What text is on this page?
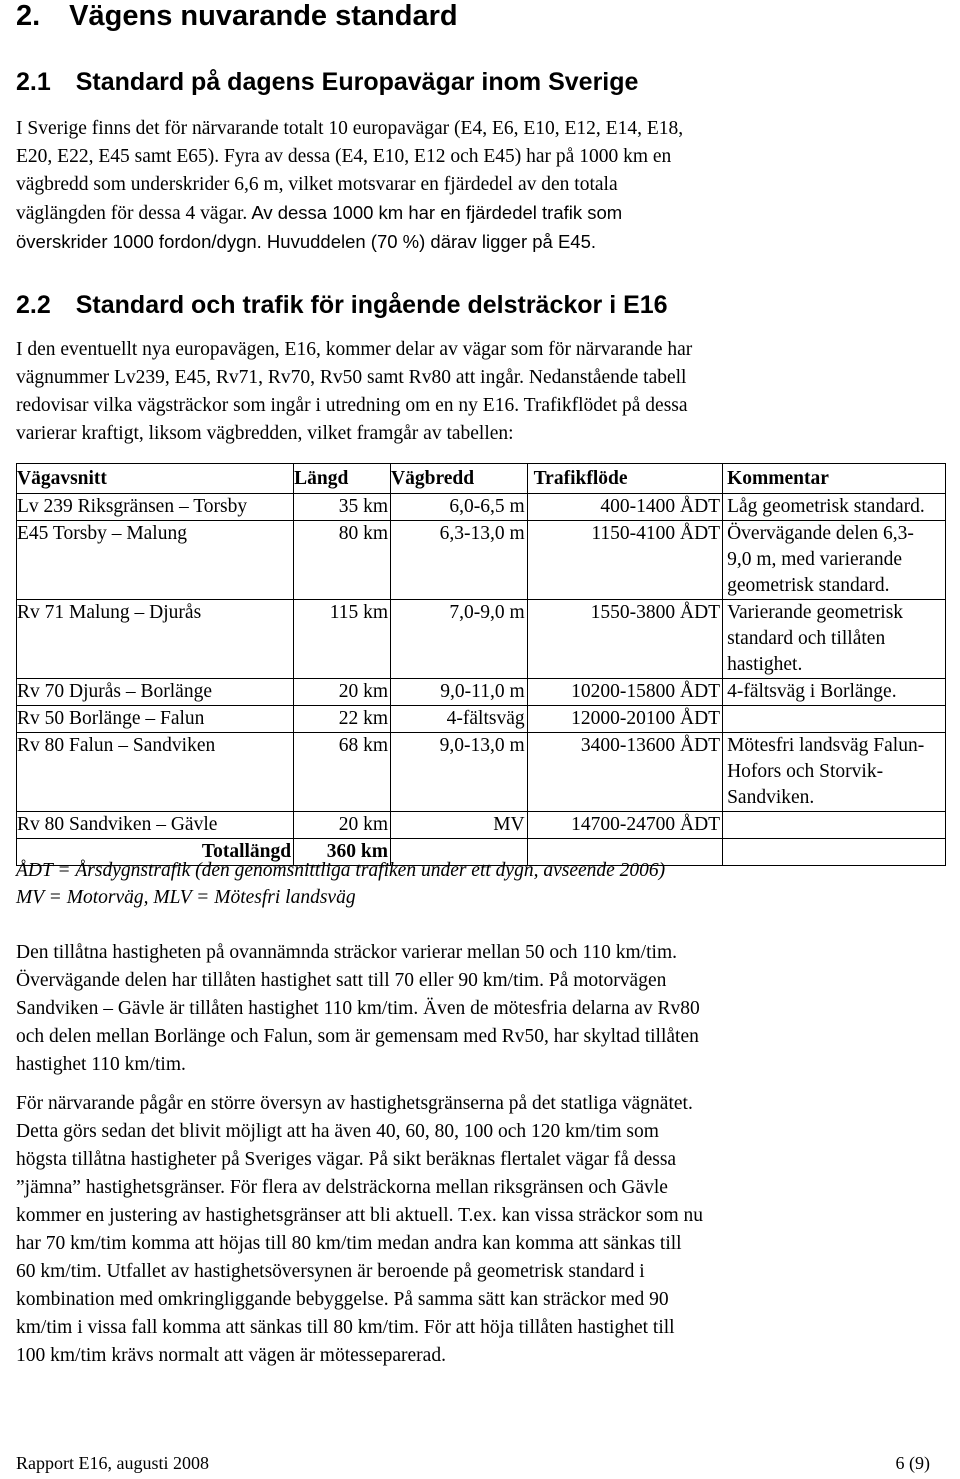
2. Vägens nuvarande standard
2.1 Standard på dagens Europavägar inom Sverige
I Sverige finns det för närvarande totalt 10 europavägar (E4, E6, E10, E12, E14, E18,
E20, E22, E45 samt E65). Fyra av dessa (E4, E10, E12 och E45) har på 1000 km en
vägbredd som underskrider 6,6 m, vilket motsvarar en fjärdedel av den totala
väglängden för dessa 4 vägar. Av dessa 1000 km har en fjärdedel trafik som
överskrider 1000 fordon/dygn. Huvuddelen (70 %) därav ligger på E45.
2.2 Standard och trafik för ingående delsträckor i E16
I den eventuellt nya europavägen, E16, kommer delar av vägar som för närvarande har
vägnummer Lv239, E45, Rv71, Rv70, Rv50 samt Rv80 att ingår. Nedanstående tabell
redovisar vilka vägsträckor som ingår i utredning om en ny E16. Trafikflödet på dessa
varierar kraftigt, liksom vägbredden, vilket framgår av tabellen:
Vägavsnitt	Längd	Vägbredd	Trafikflöde	Kommentar
Lv 239 Riksgränsen – Torsby	35 km	6,0-6,5 m	400-1400 ÅDT	Låg geometrisk standard.

E45 Torsby – Malung	80 km	6,3-13,0 m	1150-4100 ÅDT	Övervägande delen 6,3-
9,0 m, med varierande
geometrisk standard.

Rv 71 Malung – Djurås	115 km	7,0-9,0 m	1550-3800 ÅDT	Varierande geometrisk
standard och tillåten
hastighet.

Rv 70 Djurås – Borlänge	20 km	9,0-11,0 m	10200-15800 ÅDT	4-fältsväg i Borlänge.

Rv 50 Borlänge – Falun	22 km	4-fältsväg	12000-20100 ÅDT	

Rv 80 Falun – Sandviken	68 km	9,0-13,0 m	3400-13600 ÅDT	Mötesfri landsväg Falun-
Hofors och Storvik-
Sandviken.

Rv 80 Sandviken – Gävle	20 km	MV	14700-24700 ÅDT	

Totallängd	360 km			
ÅDT = Årsdygnstrafik (den genomsnittliga trafiken under ett dygn, avseende 2006)
MV = Motorväg, MLV = Mötesfri landsväg
Den tillåtna hastigheten på ovannämnda sträckor varierar mellan 50 och 110 km/tim.
Övervägande delen har tillåten hastighet satt till 70 eller 90 km/tim. På motorvägen
Sandviken – Gävle är tillåten hastighet 110 km/tim. Även de mötesfria delarna av Rv80
och delen mellan Borlänge och Falun, som är gemensam med Rv50, har skyltad tillåten
hastighet 110 km/tim.
För närvarande pågår en större översyn av hastighetsgränserna på det statliga vägnätet.
Detta görs sedan det blivit möjligt att ha även 40, 60, 80, 100 och 120 km/tim som
högsta tillåtna hastigheter på Sveriges vägar. På sikt beräknas flertalet vägar få dessa
”jämna” hastighetsgränser. För flera av delsträckorna mellan riksgränsen och Gävle
kommer en justering av hastighetsgränser att bli aktuell. T.ex. kan vissa sträckor som nu
har 70 km/tim komma att höjas till 80 km/tim medan andra kan komma att sänkas till
60 km/tim. Utfallet av hastighetsöversynen är beroende på geometrisk standard i
kombination med omkringliggande bebyggelse. På samma sätt kan sträckor med 90
km/tim i vissa fall komma att sänkas till 80 km/tim. För att höja tillåten hastighet till
100 km/tim krävs normalt att vägen är mötesseparerad.
Rapport E16, augusti 2008	6 (9)
